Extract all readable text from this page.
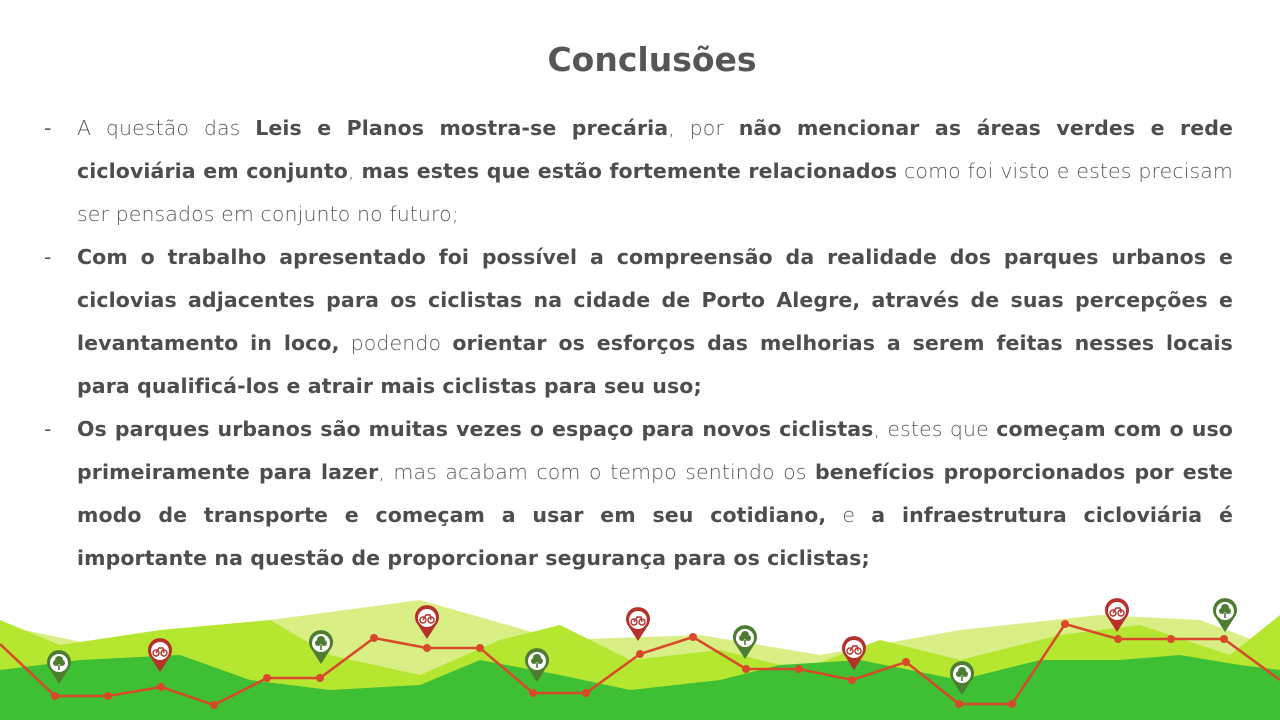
Conclusões
- A questão das Leis e Planos mostra-se precária, por não mencionar as áreas verdes e rede cicloviária em conjunto, mas estes que estão fortemente relacionados como foi visto e estes precisam ser pensados em conjunto no futuro;
- Com o trabalho apresentado foi possível a compreensão da realidade dos parques urbanos e ciclovias adjacentes para os ciclistas na cidade de Porto Alegre, através de suas percepções e levantamento in loco, podendo orientar os esforços das melhorias a serem feitas nesses locais para qualificá-los e atrair mais ciclistas para seu uso;
- Os parques urbanos são muitas vezes o espaço para novos ciclistas, estes que começam com o uso primeiramente para lazer, mas acabam com o tempo sentindo os benefícios proporcionados por este modo de transporte e começam a usar em seu cotidiano, e a infraestrutura cicloviária é importante na questão de proporcionar segurança para os ciclistas;
